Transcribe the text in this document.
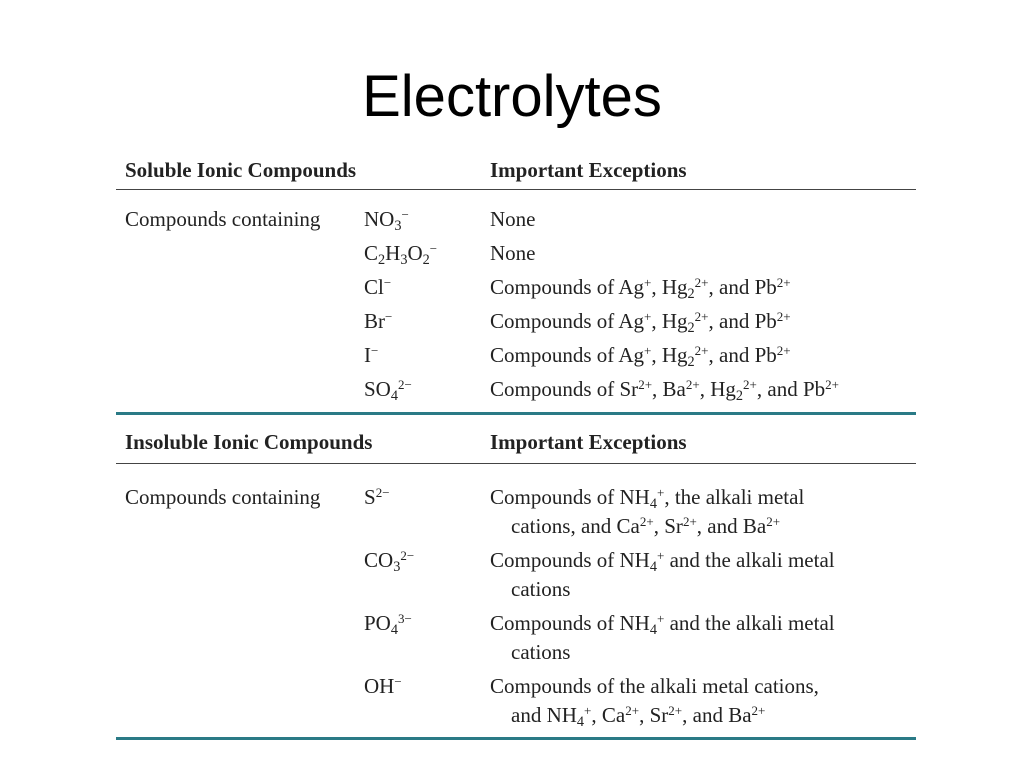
Electrolytes
Soluble Ionic Compounds	Important Exceptions
Compounds containing $NO_3^-$	None
$C_2H_3O_2^-$	None
Cl−	Compounds of Ag+, $Hg_2^{2+}$, and $Pb^{2+}$
Br−	Compounds of Ag+, $Hg_2^{2+}$, and $Pb^{2+}$
I−	Compounds of Ag+, $Hg_2^{2+}$, and $Pb^{2+}$
$SO_4^{2-}$	Compounds of $Sr^{2+}$, $Ba^{2+}$, $Hg_2^{2+}$, and $Pb^{2+}$
Insoluble Ionic Compounds	Important Exceptions
Compounds containing $S^{2-}$	Compounds of $NH_4^+$, the alkali metal
cations, and $Ca^{2+}$, $Sr^{2+}$, and $Ba^{2+}$
$CO_3^{2-}$	Compounds of $NH_4^+$ and the alkali metal
cations
$PO_4^{3-}$	Compounds of $NH_4^+$ and the alkali metal
cations
OH−	Compounds of the alkali metal cations,
and $NH_4^+$, $Ca^{2+}$, $Sr^{2+}$, and $Ba^{2+}$
